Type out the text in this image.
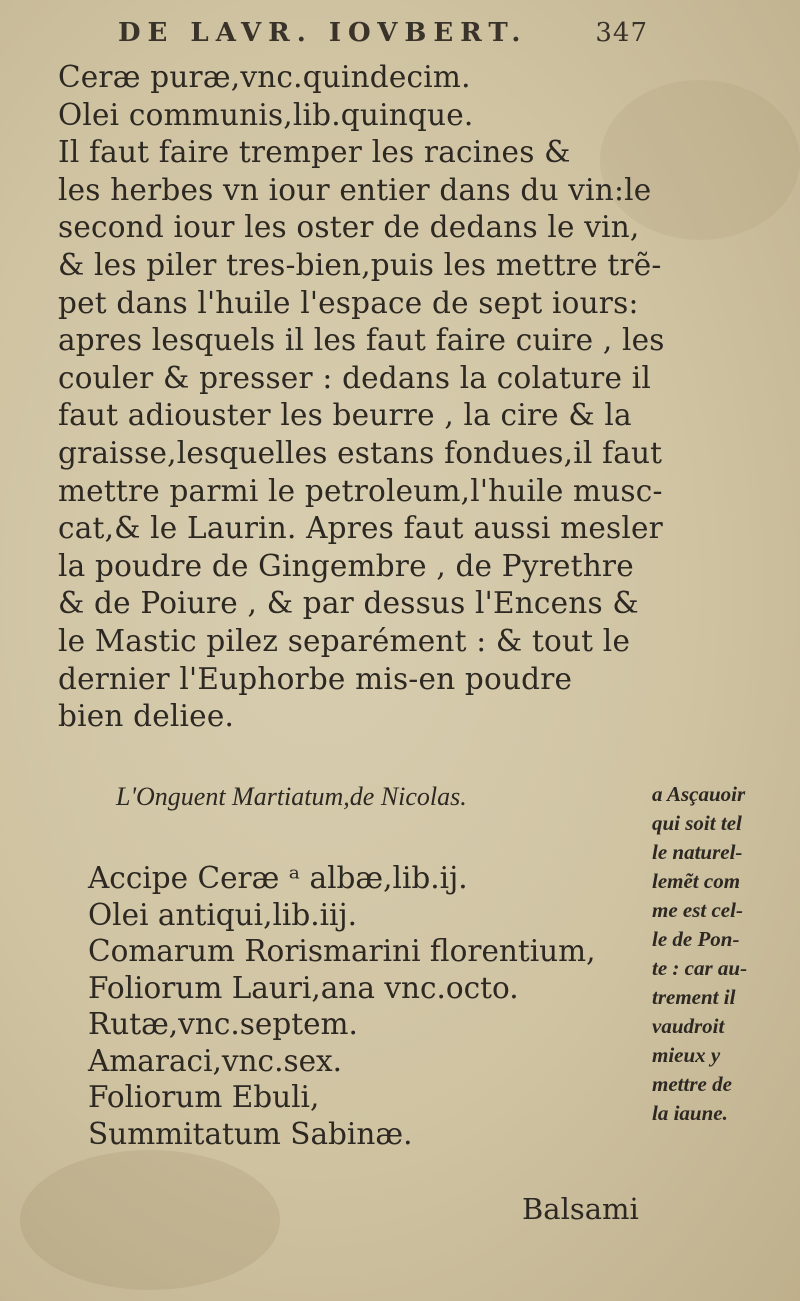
DE LAVR. IOVBERT.	347
Ceræ puræ,vnc.quindecim.
Olei communis,lib.quinque.
Il faut faire tremper les racines &
les herbes vn iour entier dans du vin:le
second iour les oster de dedans le vin,
& les piler tres-bien,puis les mettre trẽ-
pet dans l'huile l'espace de sept iours:
apres lesquels il les faut faire cuire , les
couler & presser : dedans la colature il
faut adiouster les beurre , la cire & la
graisse,lesquelles estans fondues,il faut
mettre parmi le petroleum,l'huile musc-
cat,& le Laurin. Apres faut aussi mesler
la poudre de Gingembre , de Pyrethre
& de Poiure , & par dessus l'Encens &
le Mastic pilez separément : & tout le
dernier l'Euphorbe mis-en poudre
bien deliee.
L'Onguent Martiatum,de Nicolas.
Accipe Ceræ ᵃ albæ,lib.ij.
Olei antiqui,lib.iij.
Comarum Rorismarini florentium,
Foliorum Lauri,ana vnc.octo.
Rutæ,vnc.septem.
Amaraci,vnc.sex.
Foliorum Ebuli,
Summitatum Sabinæ.
a Asçauoir
qui soit tel
le naturel-
lemẽt com
me est cel-
le de Pon-
te : car au-
trement il
vaudroit
mieux y
mettre de
la iaune.
Balsami
